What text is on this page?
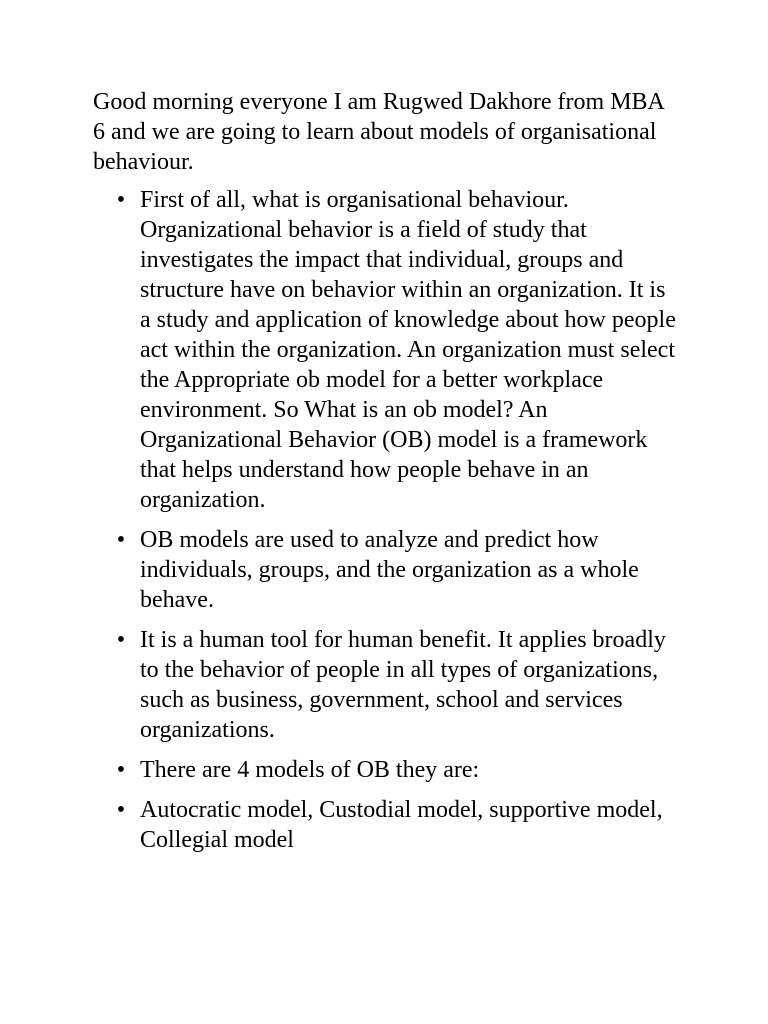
Good morning everyone I am Rugwed Dakhore from MBA 6 and we are going to learn about models of organisational behaviour.

• First of all, what is organisational behaviour. Organizational behavior is a field of study that investigates the impact that individual, groups and structure have on behavior within an organization. It is a study and application of knowledge about how people act within the organization. An organization must select the Appropriate ob model for a better workplace environment. So What is an ob model? An Organizational Behavior (OB) model is a framework that helps understand how people behave in an organization.
• OB models are used to analyze and predict how individuals, groups, and the organization as a whole behave.
• It is a human tool for human benefit. It applies broadly to the behavior of people in all types of organizations, such as business, government, school and services organizations.
• There are 4 models of OB they are:
• Autocratic model, Custodial model, supportive model, Collegial model
